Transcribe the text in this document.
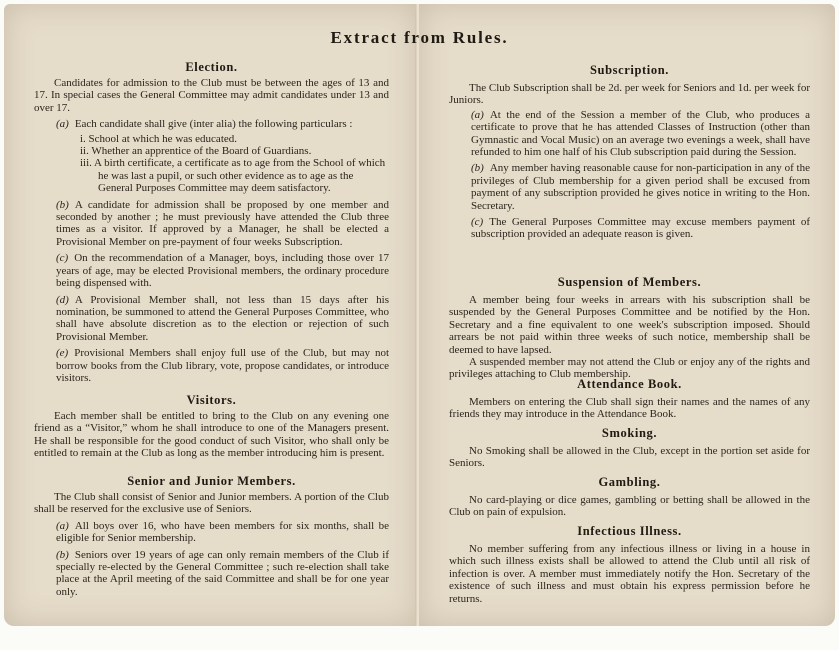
Election.

Candidates for admission to the Club must be between the ages of 13 and 17. In special cases the General Committee may admit candidates under 13 and over 17.

(a) Each candidate shall give (inter alia) the following particulars :

i. School at which he was educated.
ii. Whether an apprentice of the Board of Guardians.
iii. A birth certificate, a certificate as to age from the School of which he was last a pupil, or such other evidence as to age as the General Purposes Committee may deem satisfactory.

(b) A candidate for admission shall be proposed by one member and seconded by another ; he must previously have attended the Club three times as a visitor. If approved by a Manager, he shall be elected a Provisional Member on pre-payment of four weeks Subscription.

(c) On the recommendation of a Manager, boys, including those over 17 years of age, may be elected Provisional members, the ordinary procedure being dispensed with.

(d) A Provisional Member shall, not less than 15 days after his nomination, be summoned to attend the General Purposes Committee, who shall have absolute discretion as to the election or rejection of such Provisional Member.

(e) Provisional Members shall enjoy full use of the Club, but may not borrow books from the Club library, vote, propose candidates, or introduce visitors.

Visitors.

Each member shall be entitled to bring to the Club on any evening one friend as a “Visitor,” whom he shall introduce to one of the Managers present. He shall be responsible for the good conduct of such Visitor, who shall only be entitled to remain at the Club as long as the member introducing him is present.

Senior and Junior Members.

The Club shall consist of Senior and Junior members. A portion of the Club shall be reserved for the exclusive use of Seniors.

(a) All boys over 16, who have been members for six months, shall be eligible for Senior membership.

(b) Seniors over 19 years of age can only remain members of the Club if specially re-elected by the General Committee ; such re-election shall take place at the April meeting of the said Committee and shall be for one year only.

Subscription.

The Club Subscription shall be 2d. per week for Seniors and 1d. per week for Juniors.

(a) At the end of the Session a member of the Club, who produces a certificate to prove that he has attended Classes of Instruction (other than Gymnastic and Vocal Music) on an average two evenings a week, shall have refunded to him one half of his Club subscription paid during the Session.

(b) Any member having reasonable cause for non-participation in any of the privileges of Club membership for a given period shall be excused from payment of any subscription provided he gives notice in writing to the Hon. Secretary.

(c) The General Purposes Committee may excuse members payment of subscription provided an adequate reason is given.

Suspension of Members.

A member being four weeks in arrears with his subscription shall be suspended by the General Purposes Committee and be notified by the Hon. Secretary and a fine equivalent to one week's subscription imposed. Should arrears be not paid within three weeks of such notice, membership shall be deemed to have lapsed.

A suspended member may not attend the Club or enjoy any of the rights and privileges attaching to Club membership.

Attendance Book.

Members on entering the Club shall sign their names and the names of any friends they may introduce in the Attendance Book.

Smoking.

No Smoking shall be allowed in the Club, except in the portion set aside for Seniors.

Gambling.

No card-playing or dice games, gambling or betting shall be allowed in the Club on pain of expulsion.

Infectious Illness.

No member suffering from any infectious illness or living in a house in which such illness exists shall be allowed to attend the Club until all risk of infection is over. A member must immediately notify the Hon. Secretary of the existence of such illness and must obtain his express permission before he returns.

Extract from Rules.
